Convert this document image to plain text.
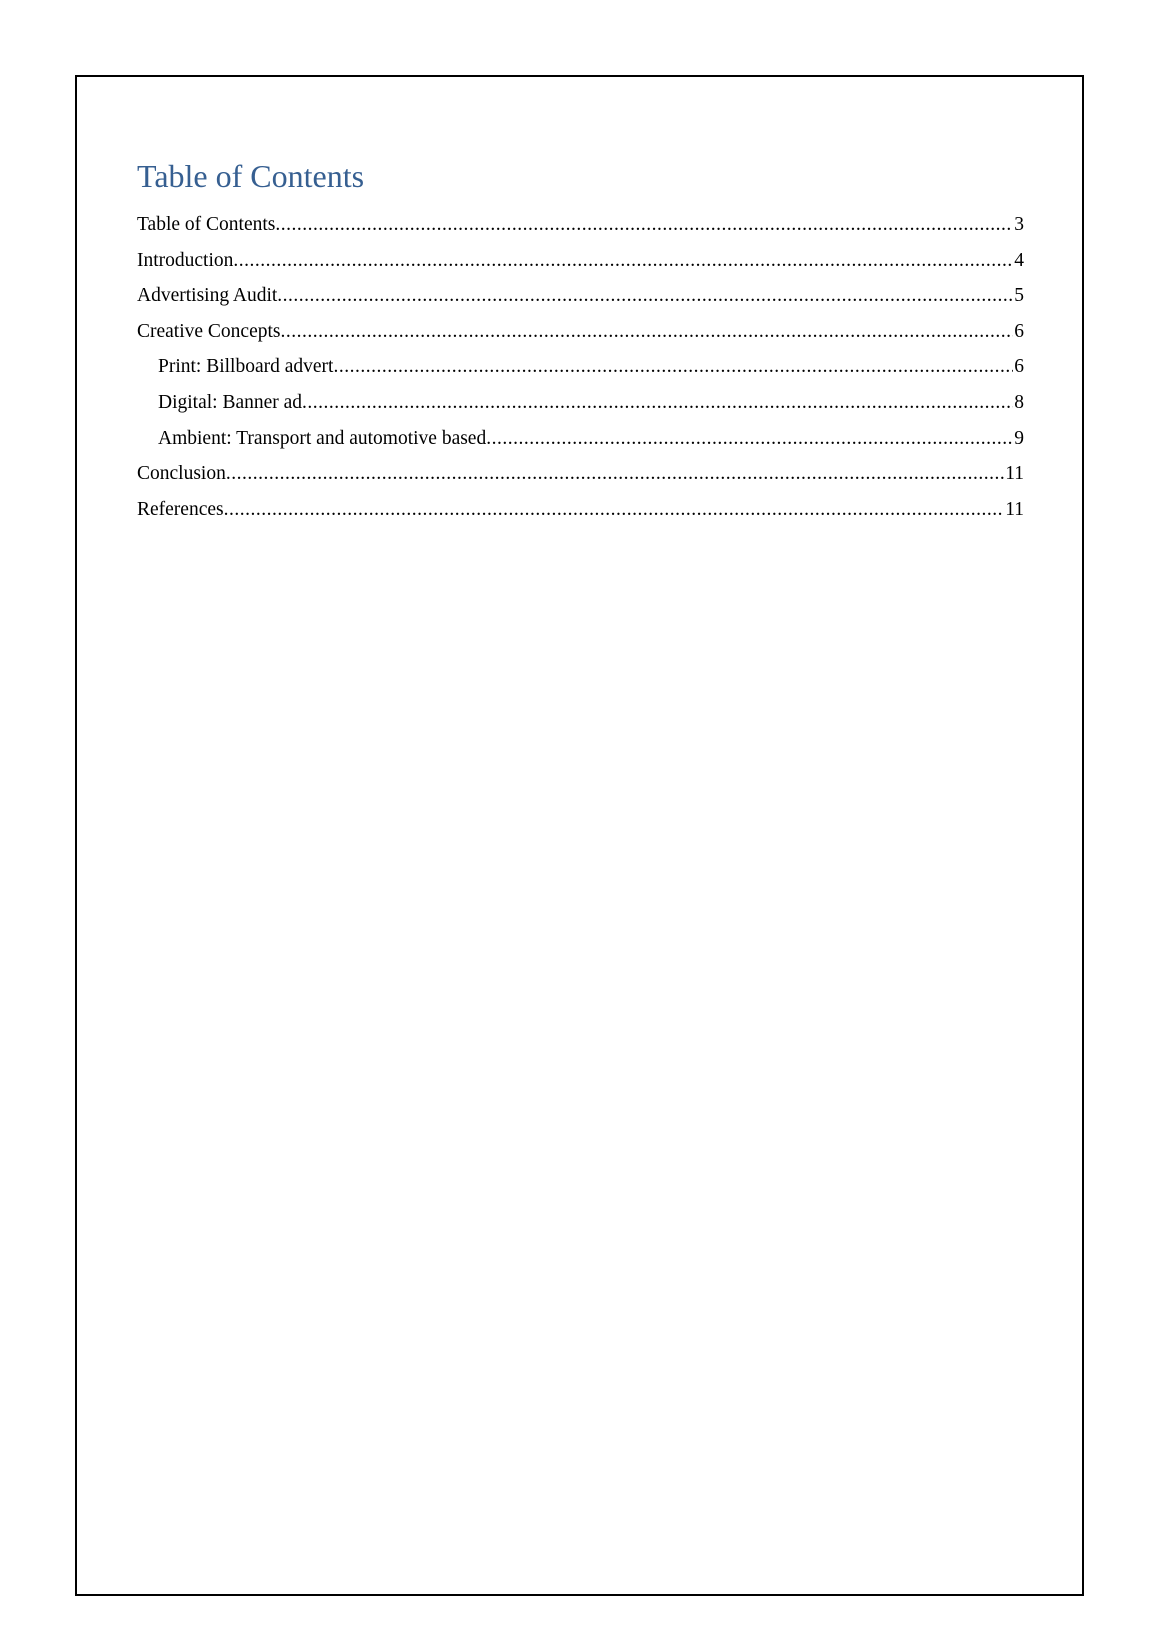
Table of Contents
Table of Contents .....	3
Introduction .....	4
Advertising Audit .....	5
Creative Concepts .....	6
Print: Billboard advert .....	6
Digital: Banner ad .....	8
Ambient: Transport and automotive based .....	9
Conclusion .....	11
References .....	11
